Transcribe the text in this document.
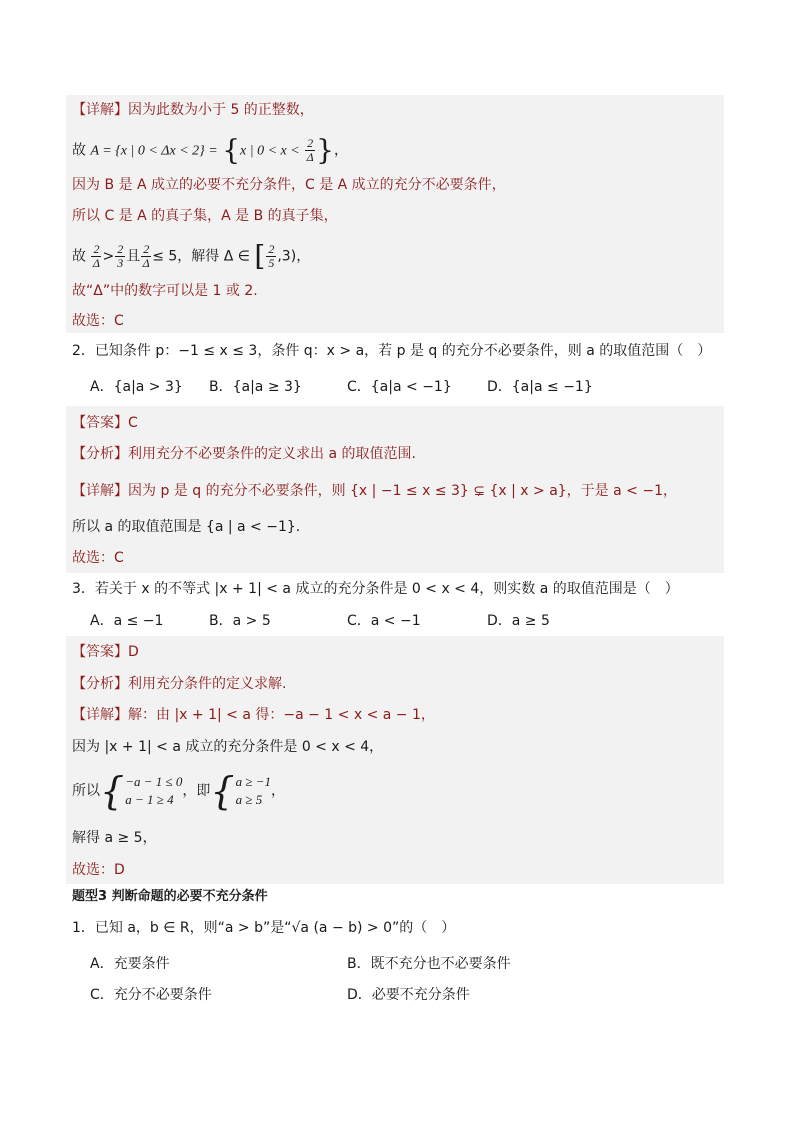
【详解】因为此数为小于 5 的正整数，
故 A = {x | 0 < Δx < 2} = {x | $0 < x < \frac{2}{\Delta}$ }，
因为 B 是 A 成立的必要不充分条件，C 是 A 成立的充分不必要条件，
所以 C 是 A 的真子集，A 是 B 的真子集，
故 $\frac{2}{\Delta} > \frac{2}{3}$ 且 $\frac{2}{\Delta} \le 5$，解得 Δ ∈ [ $\frac{2}{5} ,3$)，
故“Δ”中的数字可以是 1 或 2.
故选：C
2．已知条件 p：−1 ≤ x ≤ 3，条件 q：x > a，若 p 是 q 的充分不必要条件，则 a 的取值范围（　）
A．{a|a > 3} B．{a|a ≥ 3}	C．{a|a < −1}	D．{a|a ≤ −1}
【答案】C
【分析】利用充分不必要条件的定义求出 a 的取值范围.
【详解】因为 p 是 q 的充分不必要条件，则 {x | −1 ≤ x ≤ 3} ⊊ {x | x > a}，于是 a < −1，
所以 a 的取值范围是 {a | a < −1}.
故选：C
3．若关于 x 的不等式 |x + 1| < a 成立的充分条件是 0 < x < 4，则实数 a 的取值范围是（　）
A．a ≤ −1	B．a > 5	C．a < −1	D．a ≥ 5
【答案】D
【分析】利用充分条件的定义求解.
【详解】解：由 |x + 1| < a 得：−a − 1 < x < a − 1，
因为 |x + 1| < a 成立的充分条件是 0 < x < 4，
所以 { −a − 1 ≤ 0
a − 1 ≥ 4
，即 { a ≥ −1
a ≥ 5
，
解得 a ≥ 5，
故选：D
题型3 判断命题的必要不充分条件
1．已知 a，b ∈ R，则“a > b”是“√a (a − b) > 0”的（　）
A．充要条件	B．既不充分也不必要条件
C．充分不必要条件	D．必要不充分条件
